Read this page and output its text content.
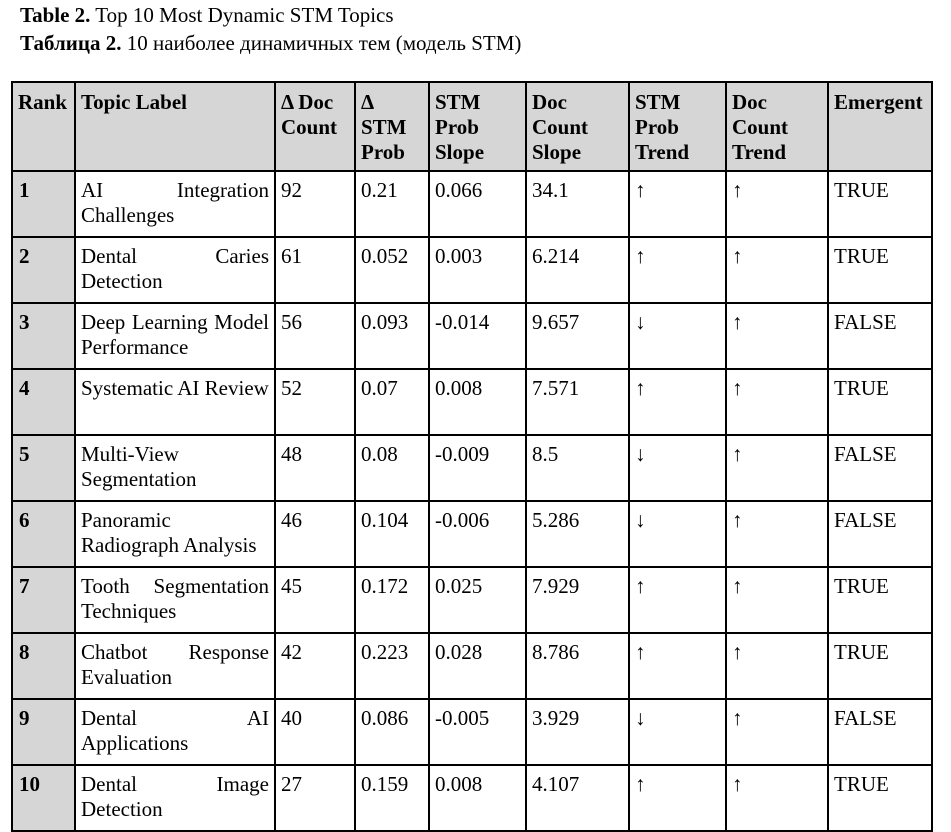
Table 2. Top 10 Most Dynamic STM Topics
Таблица 2. 10 наиболее динамичных тем (модель STM)
Rank	Topic Label	Δ Doc Count	Δ STM Prob	STM Prob Slope	Doc Count Slope	STM Prob Trend	Doc Count Trend	Emergent
1	AI Integration Challenges	92	0.21	0.066	34.1	↑	↑	TRUE
2	Dental Caries Detection	61	0.052	0.003	6.214	↑	↑	TRUE
3	Deep Learning Model Performance	56	0.093	-0.014	9.657	↓	↑	FALSE
4	Systematic AI Review	52	0.07	0.008	7.571	↑	↑	TRUE
5	Multi-View Segmentation	48	0.08	-0.009	8.5	↓	↑	FALSE
6	Panoramic Radiograph Analysis	46	0.104	-0.006	5.286	↓	↑	FALSE
7	Tooth Segmentation Techniques	45	0.172	0.025	7.929	↑	↑	TRUE
8	Chatbot Response Evaluation	42	0.223	0.028	8.786	↑	↑	TRUE
9	Dental AI Applications	40	0.086	-0.005	3.929	↓	↑	FALSE
10	Dental Image Detection	27	0.159	0.008	4.107	↑	↑	TRUE
